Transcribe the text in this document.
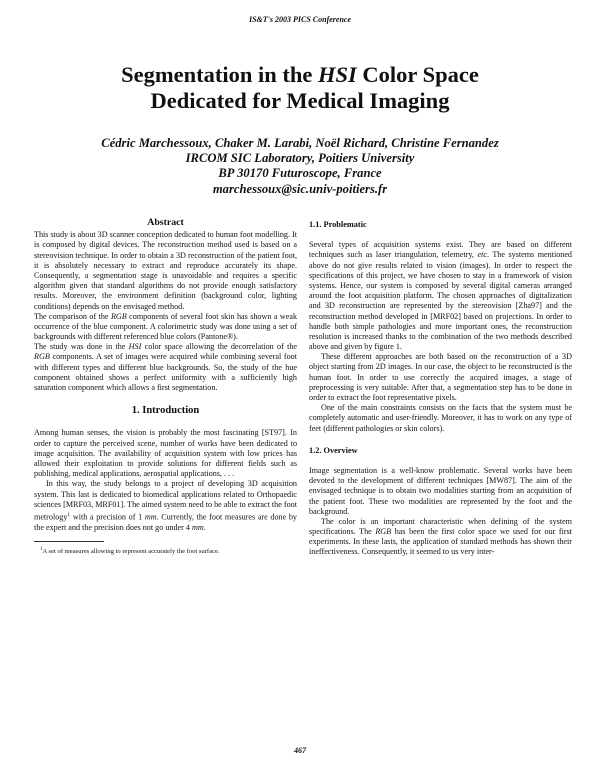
IS&T's 2003 PICS Conference
Segmentation in the HSI Color Space
Dedicated for Medical Imaging
Cédric Marchessoux, Chaker M. Larabi, Noël Richard, Christine Fernandez
IRCOM SIC Laboratory, Poitiers University
BP 30170 Futuroscope, France
marchessoux@sic.univ-poitiers.fr
Abstract

This study is about 3D scanner conception dedicated to human foot modelling. It is composed by digital devices. The reconstruction method used is based on a stereovision technique. In order to obtain a 3D reconstruction of the patient foot, it is absolutely necessary to extract and reproduce accurately its shape. Consequently, a segmentation stage is unavoidable and requires a specific algorithm given that standard algorithms do not provide enough satisfactory results. Moreover, the environment definition (background color, lighting conditions) depends on the envisaged method.

The comparison of the RGB components of several foot skin has shown a weak occurrence of the blue component. A colorimetric study was done using a set of backgrounds with different referenced blue colors (Pantone®).

The study was done in the HSI color space allowing the decorrelation of the RGB components. A set of images were acquired while combining several foot with different types and different blue backgrounds. So, the study of the hue component obtained shows a perfect uniformity with a sufficiently high saturation component which allows a first segmentation.

1. Introduction

Among human senses, the vision is probably the most fascinating [ST97]. In order to capture the perceived scene, number of works have been dedicated to image acquisition. The availability of acquisition system with low prices has allowed their exploitation to provide solutions for different fields such as publishing, medical applications, aerospatial applications, . . .

In this way, the study belongs to a project of developing 3D acquisition system. This last is dedicated to biomedical applications related to Orthopaedic sciences [MRF03, MRF01]. The aimed system need to be able to extract the foot metrology$^1$ with a precision of 1 mm. Currently, the foot measures are done by the expert and the precision does not go under 4 mm.

$^1$A set of measures allowing to represent accurately the foot surface.

1.1. Problematic

Several types of acquisition systems exist. They are based on different techniques such as laser triangulation, telemetry, etc. The systems mentioned above do not give results related to vision (images). In order to respect the specifications of this project, we have chosen to stay in a framework of vision systems. Hence, our system is composed by several digital cameras arranged around the foot acquisition platform. The chosen approaches of digitalization and 3D reconstruction are represented by the stereovision [Zha97] and the reconstruction method developed in [MRF02] based on projections. In order to handle both simple pathologies and more important ones, the reconstruction resolution is increased thanks to the combination of the two methods described above and given by figure 1.

These different approaches are both based on the reconstruction of a 3D object starting from 2D images. In our case, the object to be reconstructed is the human foot. In order to use correctly the acquired images, a stage of preprocessing is very suitable. After that, a segmentation step has to be done in order to extract the foot representative pixels.

One of the main constraints consists on the facts that the system must be completely automatic and user-friendly. Moreover, it has to work on any type of feet (different pathologies or skin colors).

1.2. Overview

Image segmentation is a well-know problematic. Several works have been devoted to the development of different techniques [MW87]. The aim of the envisaged technique is to obtain two modalities starting from an acquisition of the patient foot. These two modalities are represented by the foot and the background.

The color is an important characteristic when defining of the system specifications. The RGB has been the first color space we used for our first experiments. In these lasts, the application of standard methods has shown their ineffectiveness. Consequently, it seemed to us very inter-

467
